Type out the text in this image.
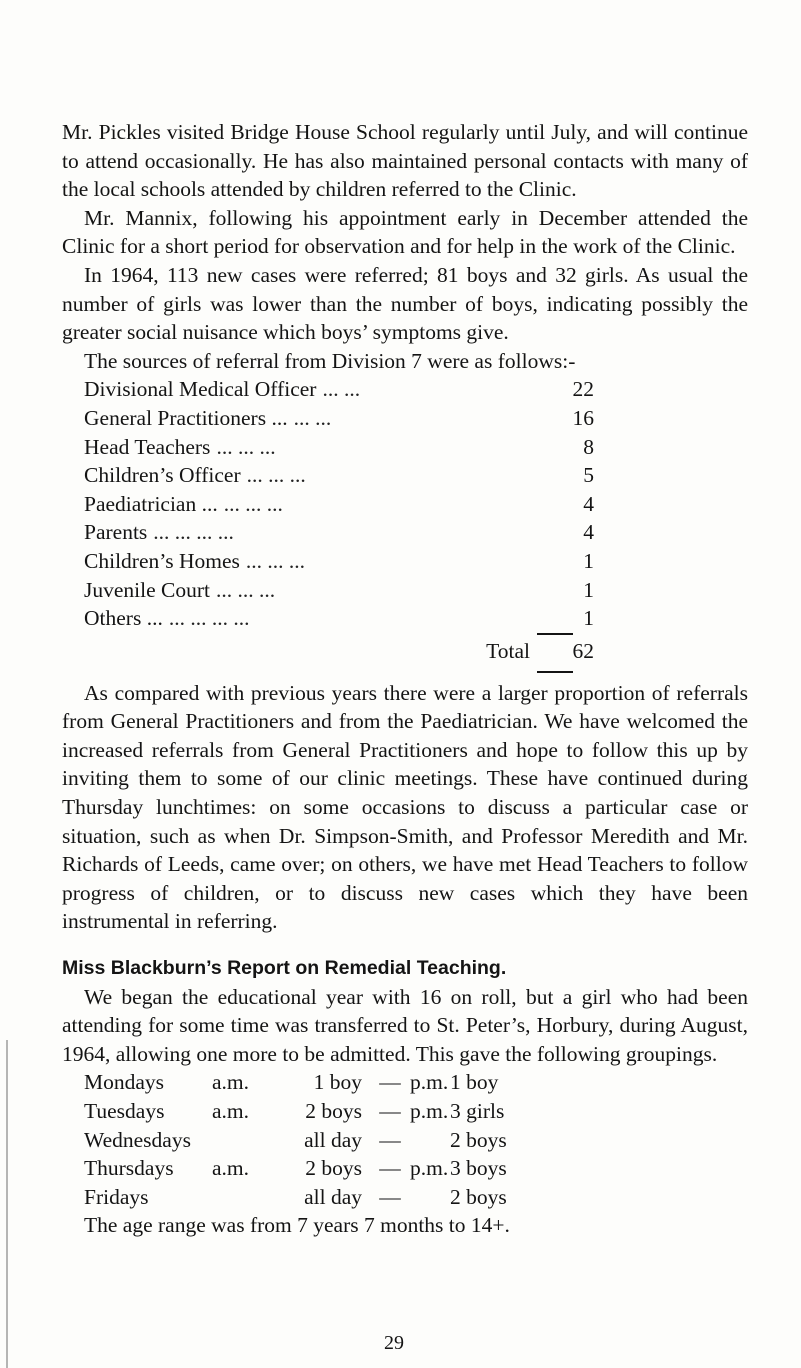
Mr. Pickles visited Bridge House School regularly until July, and will continue to attend occasionally. He has also maintained personal contacts with many of the local schools attended by children referred to the Clinic.

Mr. Mannix, following his appointment early in December attended the Clinic for a short period for observation and for help in the work of the Clinic.

In 1964, 113 new cases were referred; 81 boys and 32 girls. As usual the number of girls was lower than the number of boys, indicating possibly the greater social nuisance which boys’ symptoms give.

The sources of referral from Division 7 were as follows:-

Divisional Medical Officer ... ...	22
General Practitioners ... ... ...	16
Head Teachers ... ... ...	8
Children’s Officer ... ... ...	5
Paediatrician ... ... ... ...	4
Parents ... ... ... ...	4
Children’s Homes ... ... ...	1
Juvenile Court ... ... ...	1
Others ... ... ... ... ...	1
Total	62

As compared with previous years there were a larger proportion of referrals from General Practitioners and from the Paediatrician. We have welcomed the increased referrals from General Practitioners and hope to follow this up by inviting them to some of our clinic meetings. These have continued during Thursday lunchtimes: on some occasions to discuss a particular case or situation, such as when Dr. Simpson-Smith, and Professor Meredith and Mr. Richards of Leeds, came over; on others, we have met Head Teachers to follow progress of children, or to discuss new cases which they have been instrumental in referring.

Miss Blackburn’s Report on Remedial Teaching.

We began the educational year with 16 on roll, but a girl who had been attending for some time was transferred to St. Peter’s, Horbury, during August, 1964, allowing one more to be admitted. This gave the following groupings.

Mondays	a.m.	1 boy — p.m. 1 boy
Tuesdays	a.m.	2 boys — p.m. 3 girls
Wednesdays	all day —	2 boys
Thursdays	a.m.	2 boys — p.m. 3 boys
Fridays	all day —	2 boys

The age range was from 7 years 7 months to 14+.

29
